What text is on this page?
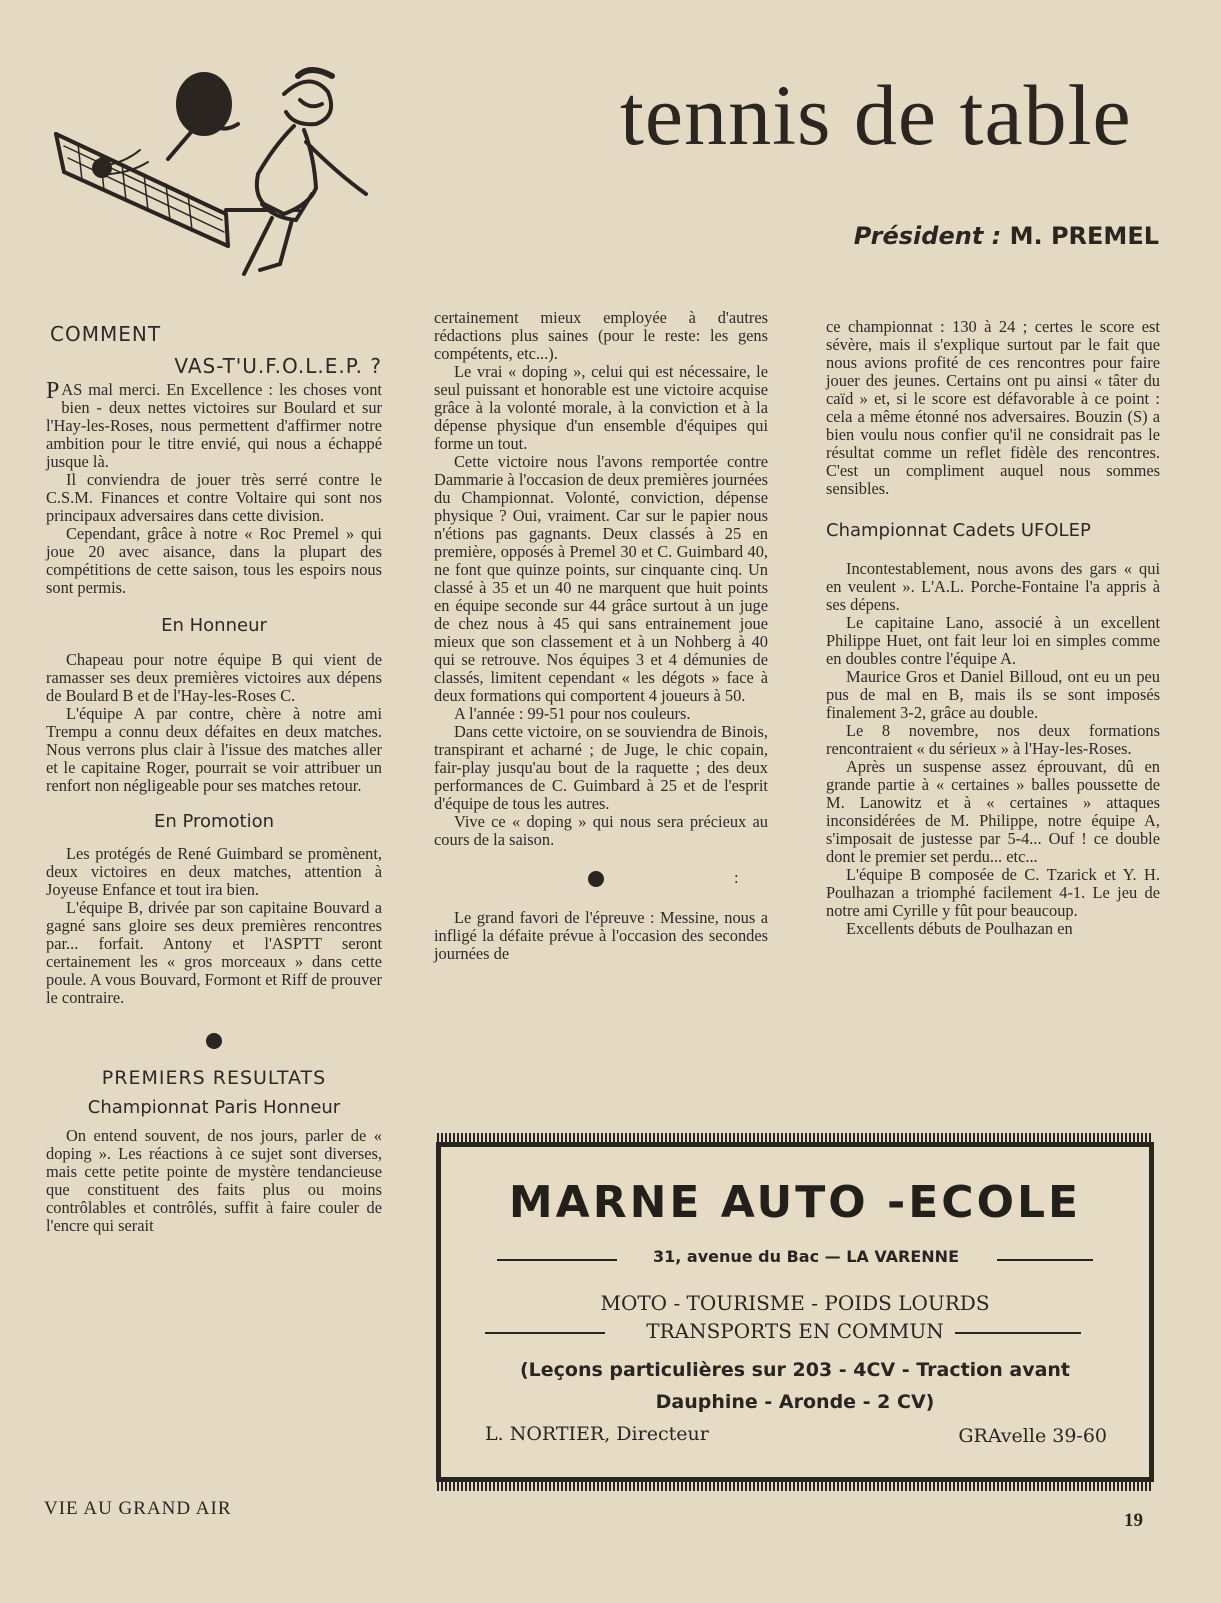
tennis de table
Président : M. PREMEL
COMMENT
VAS-T'U.F.O.L.E.P. ?

P AS mal merci. En Excellence : les choses vont bien - deux nettes victoires sur Boulard et sur l'Hay-les-Roses, nous permettent d'affirmer notre ambition pour le titre envié, qui nous a échappé jusque là.

Il conviendra de jouer très serré contre le C.S.M. Finances et contre Voltaire qui sont nos principaux adversaires dans cette division.

Cependant, grâce à notre « Roc Premel » qui joue 20 avec aisance, dans la plupart des compétitions de cette saison, tous les espoirs nous sont permis.

En Honneur

Chapeau pour notre équipe B qui vient de ramasser ses deux premières victoires aux dépens de Boulard B et de l'Hay-les-Roses C.

L'équipe A par contre, chère à notre ami Trempu a connu deux défaites en deux matches. Nous verrons plus clair à l'issue des matches aller et le capitaine Roger, pourrait se voir attribuer un renfort non négligeable pour ses matches retour.

En Promotion

Les protégés de René Guimbard se promènent, deux victoires en deux matches, attention à Joyeuse Enfance et tout ira bien.

L'équipe B, drivée par son capitaine Bouvard a gagné sans gloire ses deux premières rencontres par... forfait. Antony et l'ASPTT seront certainement les « gros morceaux » dans cette poule. A vous Bouvard, Formont et Riff de prouver le contraire.

PREMIERS RESULTATS
Championnat Paris Honneur

On entend souvent, de nos jours, parler de « doping ». Les réactions à ce sujet sont diverses, mais cette petite pointe de mystère tendancieuse que constituent des faits plus ou moins contrôlables et contrôlés, suffit à faire couler de l'encre qui serait

certainement mieux employée à d'autres rédactions plus saines (pour le reste: les gens compétents, etc...).

Le vrai « doping », celui qui est nécessaire, le seul puissant et honorable est une victoire acquise grâce à la volonté morale, à la conviction et à la dépense physique d'un ensemble d'équipes qui forme un tout.

Cette victoire nous l'avons remportée contre Dammarie à l'occasion de deux premières journées du Championnat. Volonté, conviction, dépense physique ? Oui, vraiment. Car sur le papier nous n'étions pas gagnants. Deux classés à 25 en première, opposés à Premel 30 et C. Guimbard 40, ne font que quinze points, sur cinquante cinq. Un classé à 35 et un 40 ne marquent que huit points en équipe seconde sur 44 grâce surtout à un juge de chez nous à 45 qui sans entrainement joue mieux que son classement et à un Nohberg à 40 qui se retrouve. Nos équipes 3 et 4 démunies de classés, limitent cependant « les dégots » face à deux formations qui comportent 4 joueurs à 50.

A l'année : 99-51 pour nos couleurs.

Dans cette victoire, on se souviendra de Binois, transpirant et acharné ; de Juge, le chic copain, fair-play jusqu'au bout de la raquette ; des deux performances de C. Guimbard à 25 et de l'esprit d'équipe de tous les autres.

Vive ce « doping » qui nous sera précieux au cours de la saison.

:

Le grand favori de l'épreuve : Messine, nous a infligé la défaite prévue à l'occasion des secondes journées de

ce championnat : 130 à 24 ; certes le score est sévère, mais il s'explique surtout par le fait que nous avions profité de ces rencontres pour faire jouer des jeunes. Certains ont pu ainsi « tâter du caïd » et, si le score est défavorable à ce point : cela a même étonné nos adversaires. Bouzin (S) a bien voulu nous confier qu'il ne considrait pas le résultat comme un reflet fidèle des rencontres. C'est un compliment auquel nous sommes sensibles.

Championnat Cadets UFOLEP

Incontestablement, nous avons des gars « qui en veulent ». L'A.L. Porche-Fontaine l'a appris à ses dépens.

Le capitaine Lano, associé à un excellent Philippe Huet, ont fait leur loi en simples comme en doubles contre l'équipe A.

Maurice Gros et Daniel Billoud, ont eu un peu pus de mal en B, mais ils se sont imposés finalement 3-2, grâce au double.

Le 8 novembre, nos deux formations rencontraient « du sérieux » à l'Hay-les-Roses.

Après un suspense assez éprouvant, dû en grande partie à « certaines » balles poussette de M. Lanowitz et à « certaines » attaques inconsidérées de M. Philippe, notre équipe A, s'imposait de justesse par 5-4... Ouf ! ce double dont le premier set perdu... etc...

L'équipe B composée de C. Tzarick et Y. H. Poulhazan a triomphé facilement 4-1. Le jeu de notre ami Cyrille y fût pour beaucoup.

Excellents débuts de Poulhazan en

MARNE AUTO -ECOLE
31, avenue du Bac — LA VARENNE
MOTO - TOURISME - POIDS LOURDS
TRANSPORTS EN COMMUN
(Leçons particulières sur 203 - 4CV - Traction avant
Dauphine - Aronde - 2 CV)
L. NORTIER, Directeur	GRAvelle 39-60
VIE AU GRAND AIR
19
